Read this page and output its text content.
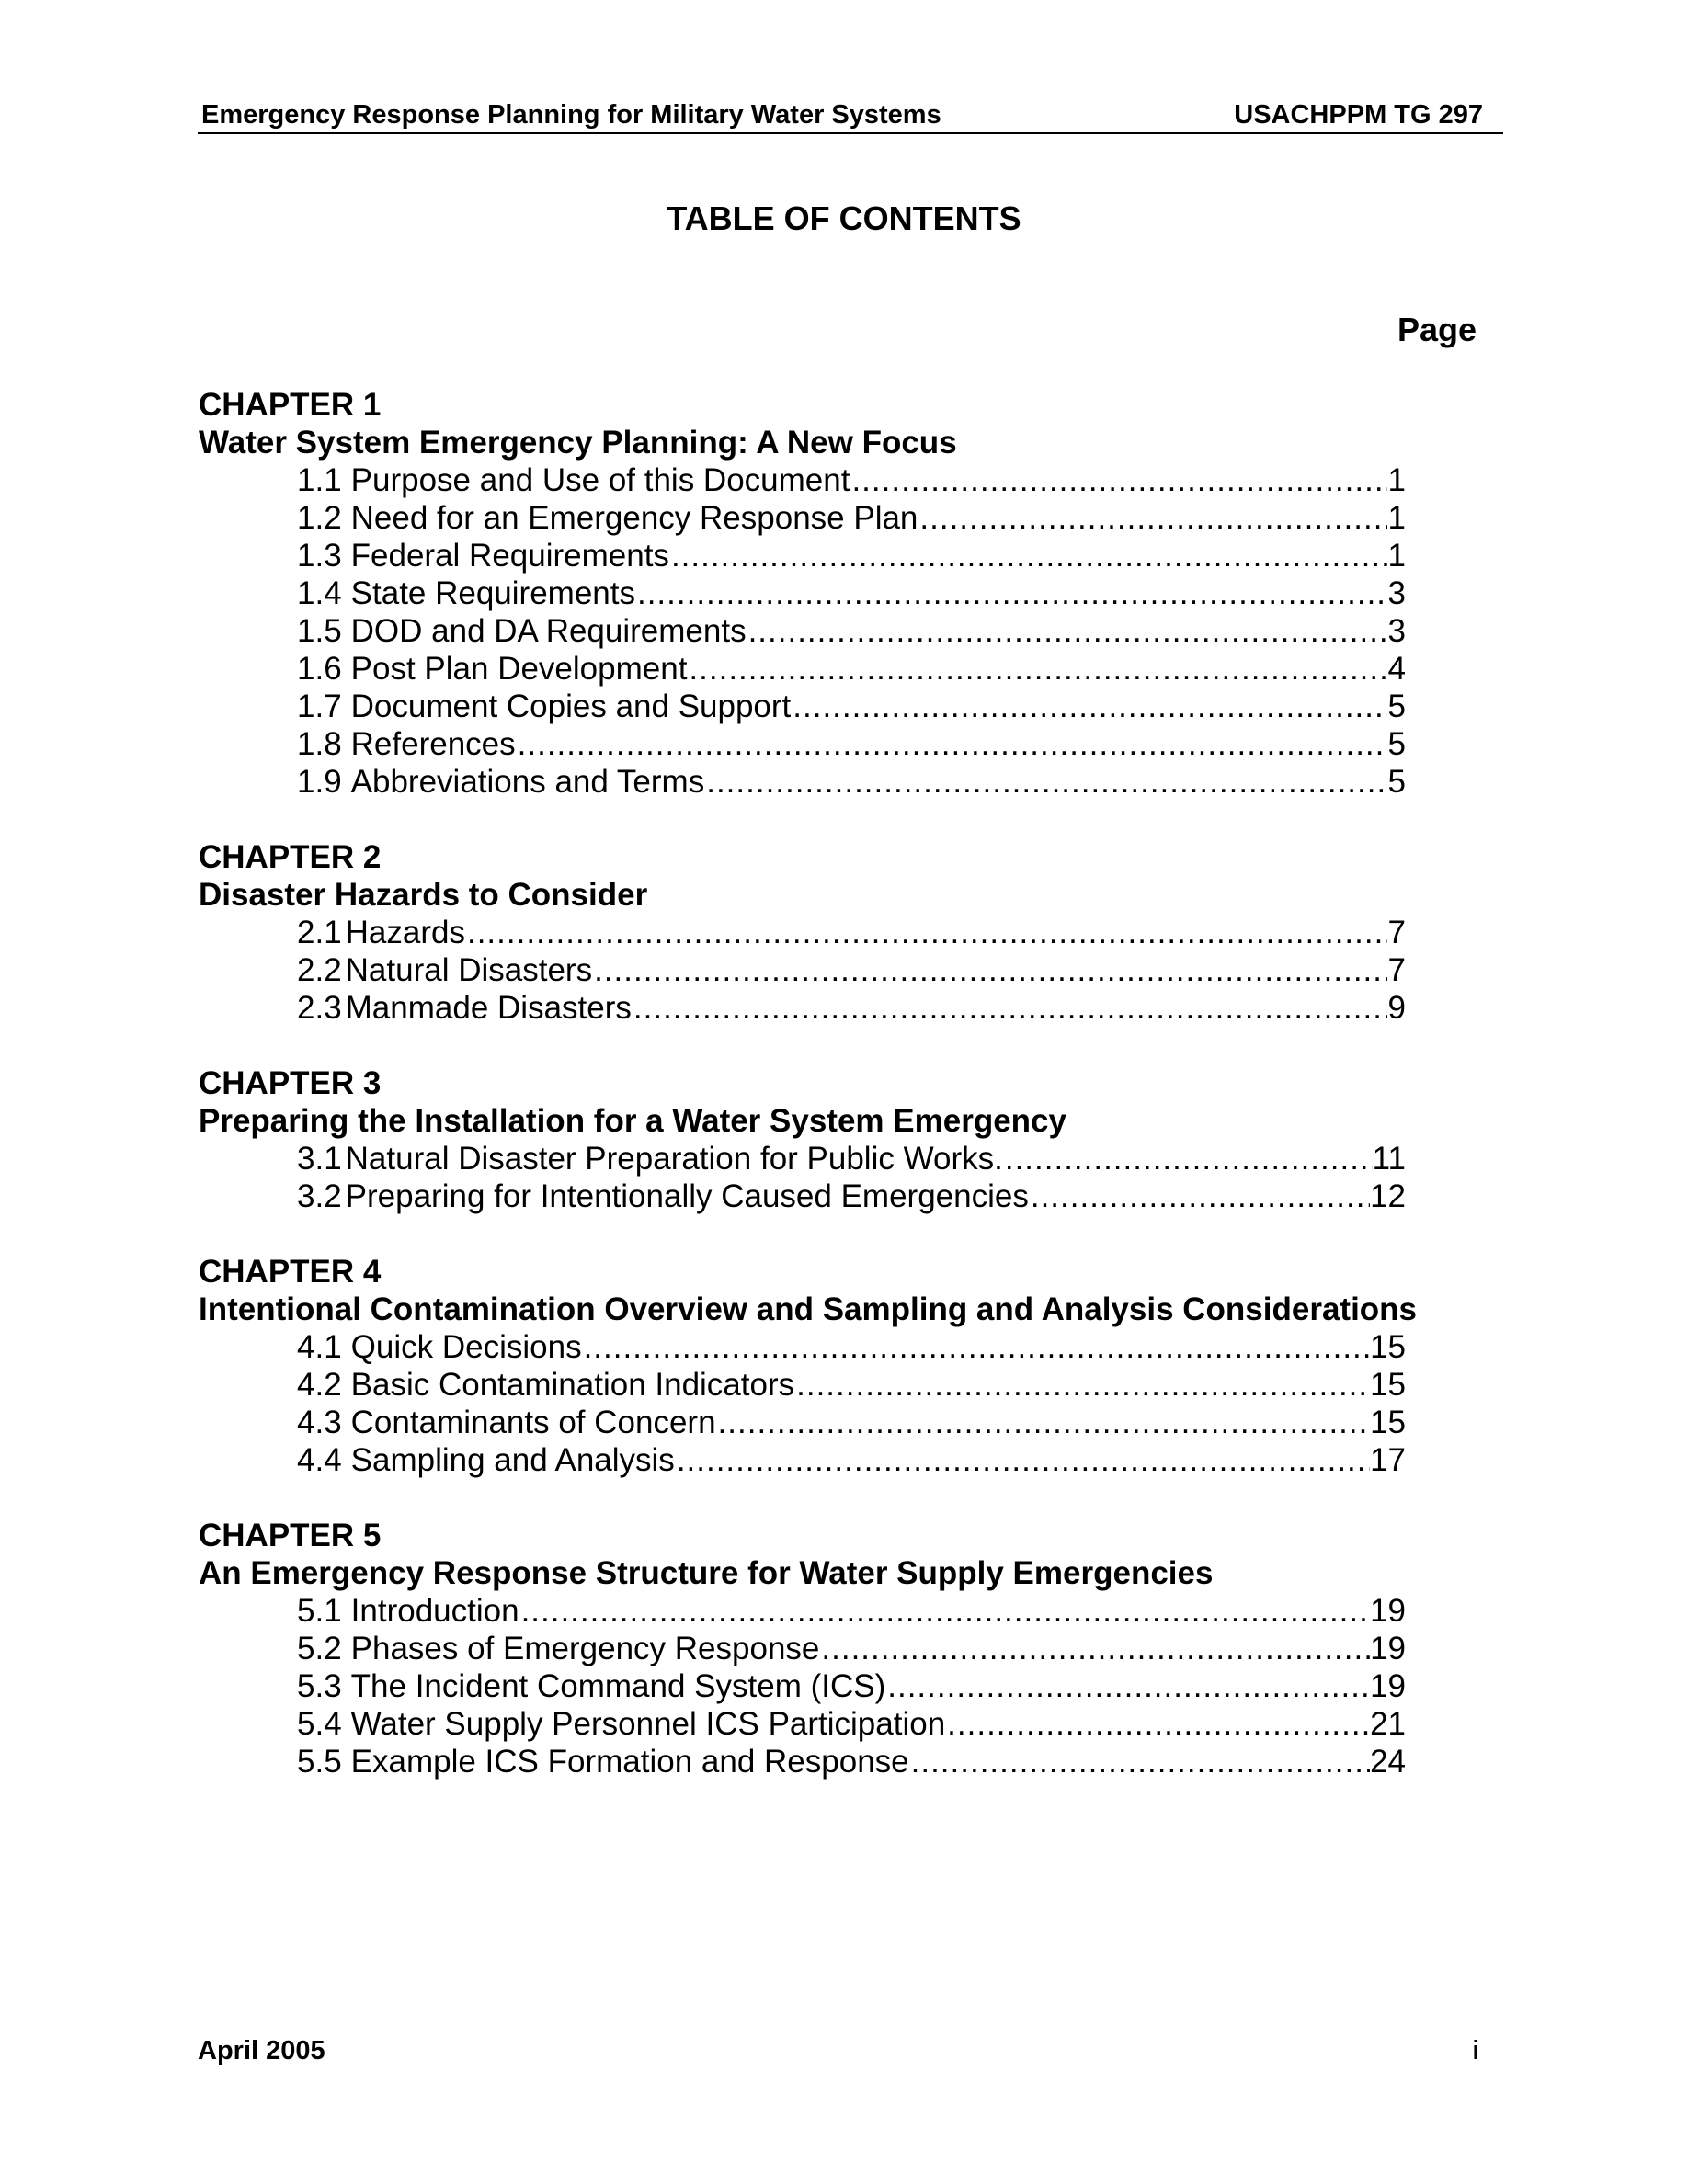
Emergency Response Planning for Military Water Systems	USACHPPM TG 297
TABLE OF CONTENTS
Page
CHAPTER 1
Water System Emergency Planning: A New Focus
1.1 Purpose and Use of this Document .....	1
1.2 Need for an Emergency Response Plan .....	1
1.3 Federal Requirements .....	1
1.4 State Requirements .....	3
1.5 DOD and DA Requirements .....	3
1.6 Post Plan Development .....	4
1.7 Document Copies and Support .....	5
1.8 References .....	5
1.9 Abbreviations and Terms .....	5
CHAPTER 2
Disaster Hazards to Consider
2.1 Hazards .....	7
2.2 Natural Disasters .....	7
2.3 Manmade Disasters .....	9
CHAPTER 3
Preparing the Installation for a Water System Emergency
3.1 Natural Disaster Preparation for Public Works. .....	11
3.2 Preparing for Intentionally Caused Emergencies .....	12
CHAPTER 4
Intentional Contamination Overview and Sampling and Analysis Considerations
4.1 Quick Decisions .....	15
4.2 Basic Contamination Indicators .....	15
4.3 Contaminants of Concern .....	15
4.4 Sampling and Analysis .....	17
CHAPTER 5
An Emergency Response Structure for Water Supply Emergencies
5.1 Introduction .....	19
5.2 Phases of Emergency Response .....	19
5.3 The Incident Command System (ICS) .....	19
5.4 Water Supply Personnel ICS Participation .....	21
5.5 Example ICS Formation and Response .....	24
April 2005	i
